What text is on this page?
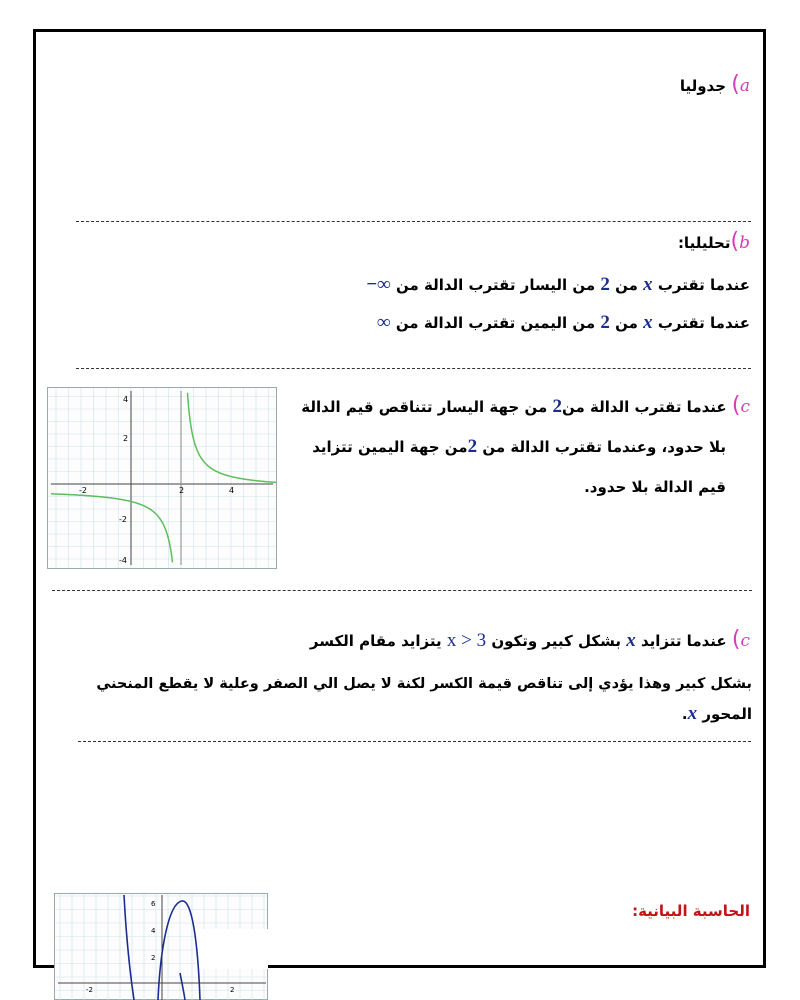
a) جدوليا
b)تحليليا:
عندما تقترب x من 2 من اليسار تقترب الدالة من −∞
عندما تقترب x من 2 من اليمين تقترب الدالة من ∞
c) عندما تقترب الدالة من2 من جهة اليسار تتناقص قيم الدالة
بلا حدود، وعندما تقترب الدالة من 2من جهة اليمين تتزايد
قيم الدالة بلا حدود.
-2	2	4
4
2
-2
-4
c) عندما تتزايد x بشكل كبير وتكون x > 3 يتزايد مقام الكسر
بشكل كبير وهذا يؤدي إلى تناقص قيمة الكسر لكنة لا يصل الي الصفر وعلية لا يقطع المنحني
المحور x.
الحاسبة البيانية:
6
4
2
-2	2
